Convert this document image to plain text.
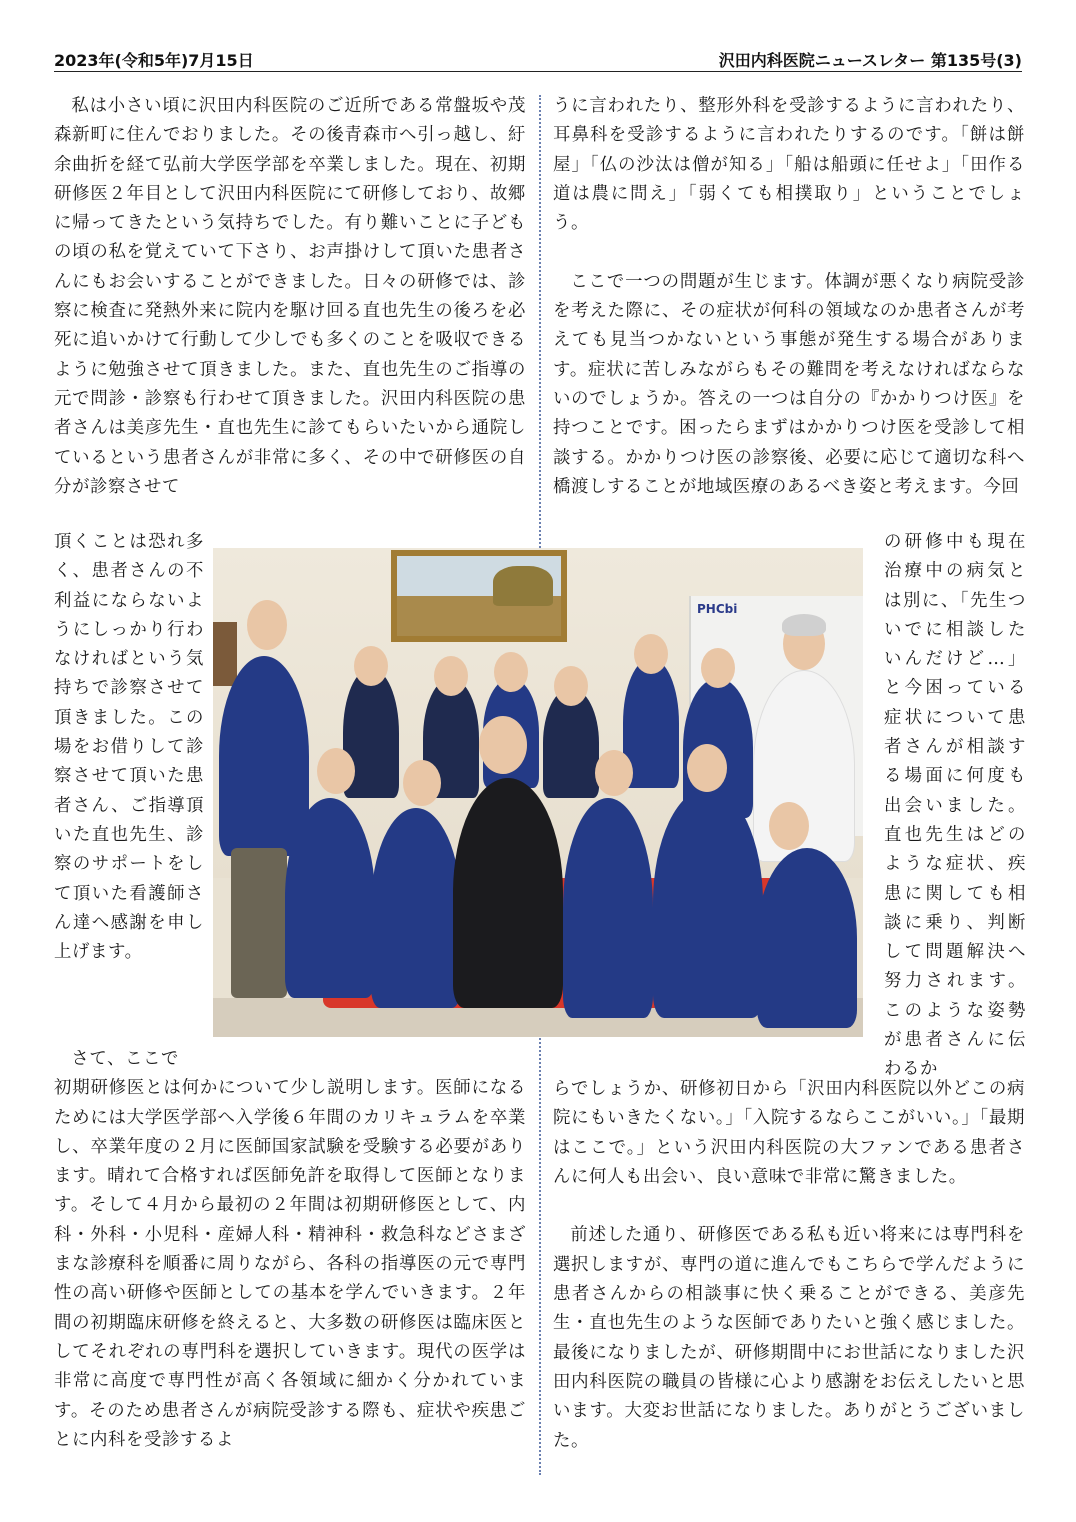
2023年(令和5年)7月15日	沢田内科医院ニュースレター 第135号(3)

私は小さい頃に沢田内科医院のご近所である常盤坂や茂森新町に住んでおりました。その後青森市へ引っ越し、紆余曲折を経て弘前大学医学部を卒業しました。現在、初期研修医２年目として沢田内科医院にて研修しており、故郷に帰ってきたという気持ちでした。有り難いことに子どもの頃の私を覚えていて下さり、お声掛けして頂いた患者さんにもお会いすることができました。日々の研修では、診察に検査に発熱外来に院内を駆け回る直也先生の後ろを必死に追いかけて行動して少しでも多くのことを吸収できるように勉強させて頂きました。また、直也先生のご指導の元で問診・診察も行わせて頂きました。沢田内科医院の患者さんは美彦先生・直也先生に診てもらいたいから通院しているという患者さんが非常に多く、その中で研修医の自分が診察させて

頂くことは恐れ多く、患者さんの不利益にならないようにしっかり行わなければという気持ちで診察させて頂きました。この場をお借りして診察させて頂いた患者さん、ご指導頂いた直也先生、診察のサポートをして頂いた看護師さん達へ感謝を申し上げます。

さて、ここで

初期研修医とは何かについて少し説明します。医師になるためには大学医学部へ入学後６年間のカリキュラムを卒業し、卒業年度の２月に医師国家試験を受験する必要があります。晴れて合格すれば医師免許を取得して医師となります。そして４月から最初の２年間は初期研修医として、内科・外科・小児科・産婦人科・精神科・救急科などさまざまな診療科を順番に周りながら、各科の指導医の元で専門性の高い研修や医師としての基本を学んでいきます。２年間の初期臨床研修を終えると、大多数の研修医は臨床医としてそれぞれの専門科を選択していきます。現代の医学は非常に高度で専門性が高く各領域に細かく分かれています。そのため患者さんが病院受診する際も、症状や疾患ごとに内科を受診するよ

うに言われたり、整形外科を受診するように言われたり、耳鼻科を受診するように言われたりするのです。「餅は餅屋」「仏の沙汰は僧が知る」「船は船頭に任せよ」「田作る道は農に問え」「弱くても相撲取り」ということでしょう。

ここで一つの問題が生じます。体調が悪くなり病院受診を考えた際に、その症状が何科の領域なのか患者さんが考えても見当つかないという事態が発生する場合があります。症状に苦しみながらもその難問を考えなければならないのでしょうか。答えの一つは自分の『かかりつけ医』を持つことです。困ったらまずはかかりつけ医を受診して相談する。かかりつけ医の診察後、必要に応じて適切な科へ橋渡しすることが地域医療のあるべき姿と考えます。今回

の研修中も現在治療中の病気とは別に、「先生ついでに相談したいんだけど…」と今困っている症状について患者さんが相談する場面に何度も出会いました。直也先生はどのような症状、疾患に関しても相談に乗り、判断して問題解決へ努力されます。このような姿勢が患者さんに伝わるか

らでしょうか、研修初日から「沢田内科医院以外どこの病院にもいきたくない。」「入院するならここがいい。」「最期はここで。」という沢田内科医院の大ファンである患者さんに何人も出会い、良い意味で非常に驚きました。

前述した通り、研修医である私も近い将来には専門科を選択しますが、専門の道に進んでもこちらで学んだように患者さんからの相談事に快く乗ることができる、美彦先生・直也先生のような医師でありたいと強く感じました。最後になりましたが、研修期間中にお世話になりました沢田内科医院の職員の皆様に心より感謝をお伝えしたいと思います。大変お世話になりました。ありがとうございました。

PHCbi
